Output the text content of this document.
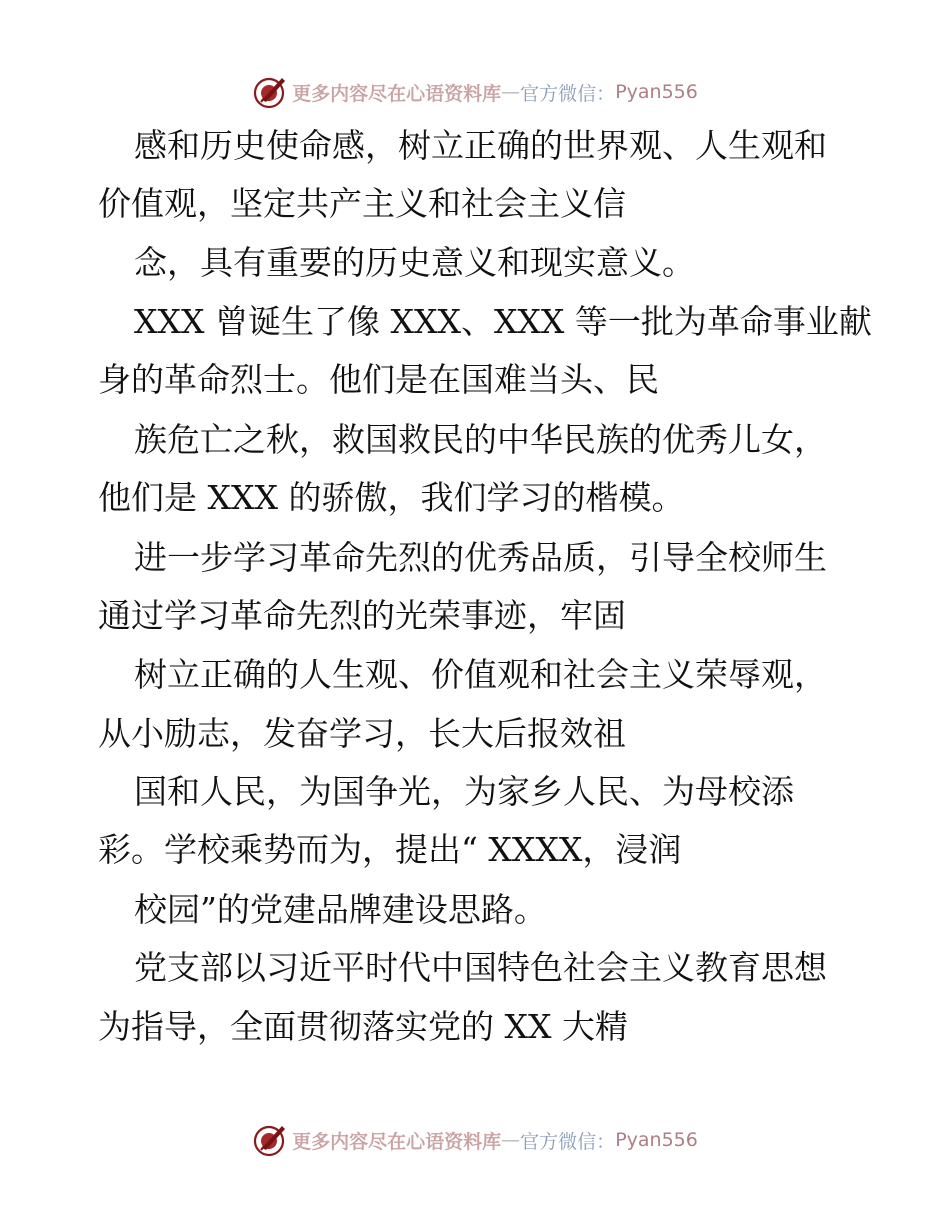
更多内容尽在心语资料库 — 官方微信： Pyan556
感和历史使命感，树立正确的世界观、人生观和
价值观，坚定共产主义和社会主义信
念，具有重要的历史意义和现实意义。
XXX 曾诞生了像 XXX、XXX 等一批为革命事业献
身的革命烈士。他们是在国难当头、民
族危亡之秋，救国救民的中华民族的优秀儿女，
他们是 XXX 的骄傲，我们学习的楷模。
进一步学习革命先烈的优秀品质，引导全校师生
通过学习革命先烈的光荣事迹，牢固
树立正确的人生观、价值观和社会主义荣辱观，
从小励志，发奋学习，长大后报效祖
国和人民，为国争光，为家乡人民、为母校添
彩。学校乘势而为，提出“ XXXX，浸润
校园”的党建品牌建设思路。
党支部以习近平时代中国特色社会主义教育思想
为指导，全面贯彻落实党的 XX 大精
更多内容尽在心语资料库 — 官方微信： Pyan556
